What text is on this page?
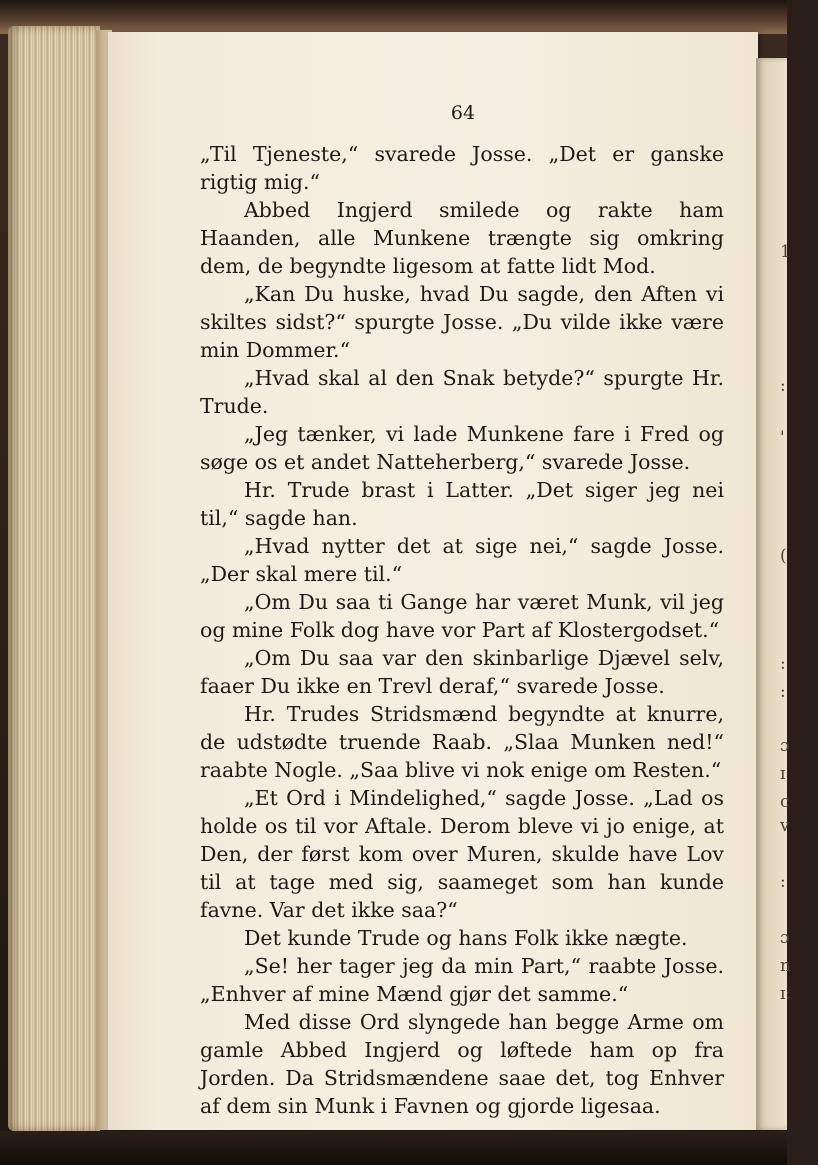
64

„Til Tjeneste,“ svarede Josse. „Det er ganske rigtig mig.“

Abbed Ingjerd smilede og rakte ham Haanden, alle Munkene trængte sig omkring dem, de begyndte ligesom at fatte lidt Mod.

„Kan Du huske, hvad Du sagde, den Aften vi skiltes sidst?“ spurgte Josse. „Du vilde ikke være min Dommer.“

„Hvad skal al den Snak betyde?“ spurgte Hr. Trude.

„Jeg tænker, vi lade Munkene fare i Fred og søge os et andet Natteherberg,“ svarede Josse.

Hr. Trude brast i Latter. „Det siger jeg nei til,“ sagde han.

„Hvad nytter det at sige nei,“ sagde Josse. „Der skal mere til.“

„Om Du saa ti Gange har været Munk, vil jeg og mine Folk dog have vor Part af Klostergodset.“

„Om Du saa var den skinbarlige Djævel selv, faaer Du ikke en Trevl deraf,“ svarede Josse.

Hr. Trudes Stridsmænd begyndte at knurre, de udstødte truende Raab. „Slaa Munken ned!“ raabte Nogle. „Saa blive vi nok enige om Resten.“

„Et Ord i Mindelighed,“ sagde Josse. „Lad os holde os til vor Aftale. Derom bleve vi jo enige, at Den, der først kom over Muren, skulde have Lov til at tage med sig, saameget som han kunde favne. Var det ikke saa?“

Det kunde Trude og hans Folk ikke nægte.

„Se! her tager jeg da min Part,“ raabte Josse. „Enhver af mine Mænd gjør det samme.“

Med disse Ord slyngede han begge Arme om gamle Abbed Ingjerd og løftede ham op fra Jorden. Da Stridsmændene saae det, tog Enhver af dem sin Munk i Favnen og gjorde ligesaa.

1
:
'
(
:
:
ɔ
ɪ
c
v
:
ɔ
n
ɪ:
